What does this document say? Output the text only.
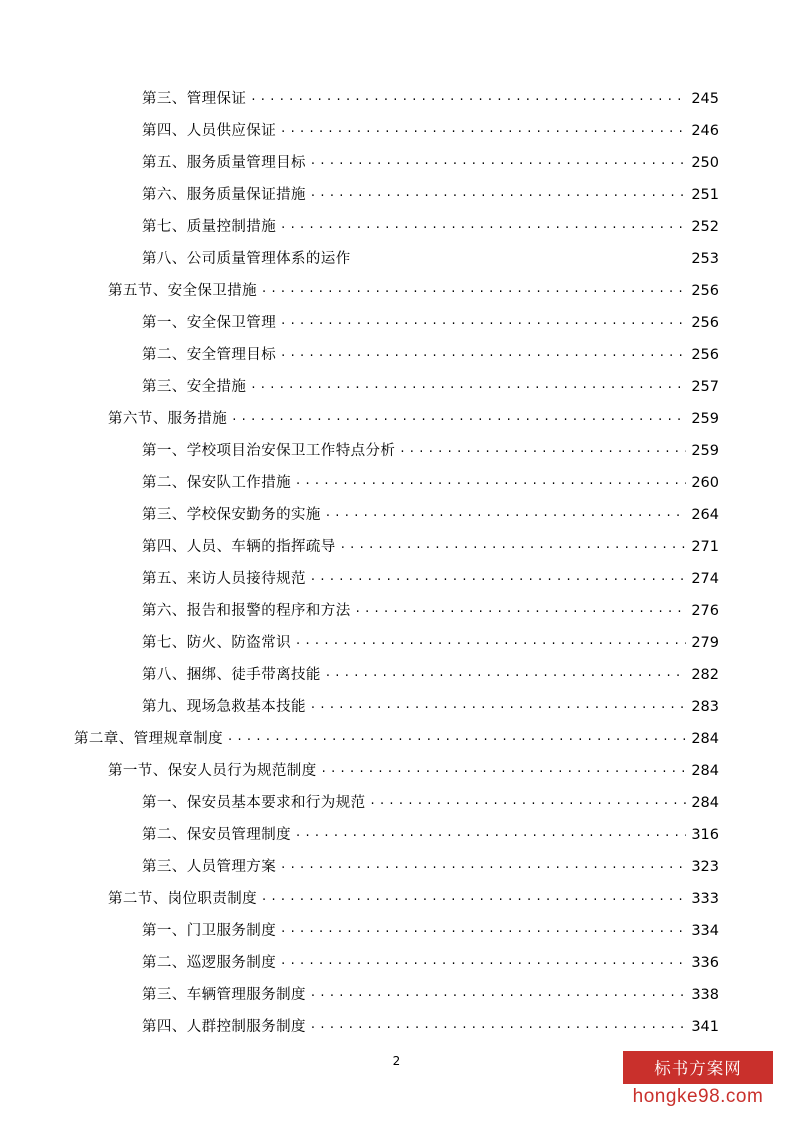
第三、管理保证 . . .	245
第四、人员供应保证 . . .	246
第五、服务质量管理目标 . . .	250
第六、服务质量保证措施 . . .	251
第七、质量控制措施 . . .	252
第八、公司质量管理体系的运作	253
第五节、安全保卫措施 . . .	256
第一、安全保卫管理 . . .	256
第二、安全管理目标 . . .	256
第三、安全措施 . . .	257
第六节、服务措施 . . .	259
第一、学校项目治安保卫工作特点分析 . . .	259
第二、保安队工作措施 . . .	260
第三、学校保安勤务的实施 . . .	264
第四、人员、车辆的指挥疏导 . . .	271
第五、来访人员接待规范 . . .	274
第六、报告和报警的程序和方法 . . .	276
第七、防火、防盗常识 . . .	279
第八、捆绑、徒手带离技能 . . .	282
第九、现场急救基本技能 . . .	283
第二章、管理规章制度 . . .	284
第一节、保安人员行为规范制度 . . .	284
第一、保安员基本要求和行为规范 . . .	284
第二、保安员管理制度 . . .	316
第三、人员管理方案 . . .	323
第二节、岗位职责制度 . . .	333
第一、门卫服务制度 . . .	334
第二、巡逻服务制度 . . .	336
第三、车辆管理服务制度 . . .	338
第四、人群控制服务制度 . . .	341
2	标书方案网
hongke98.com
